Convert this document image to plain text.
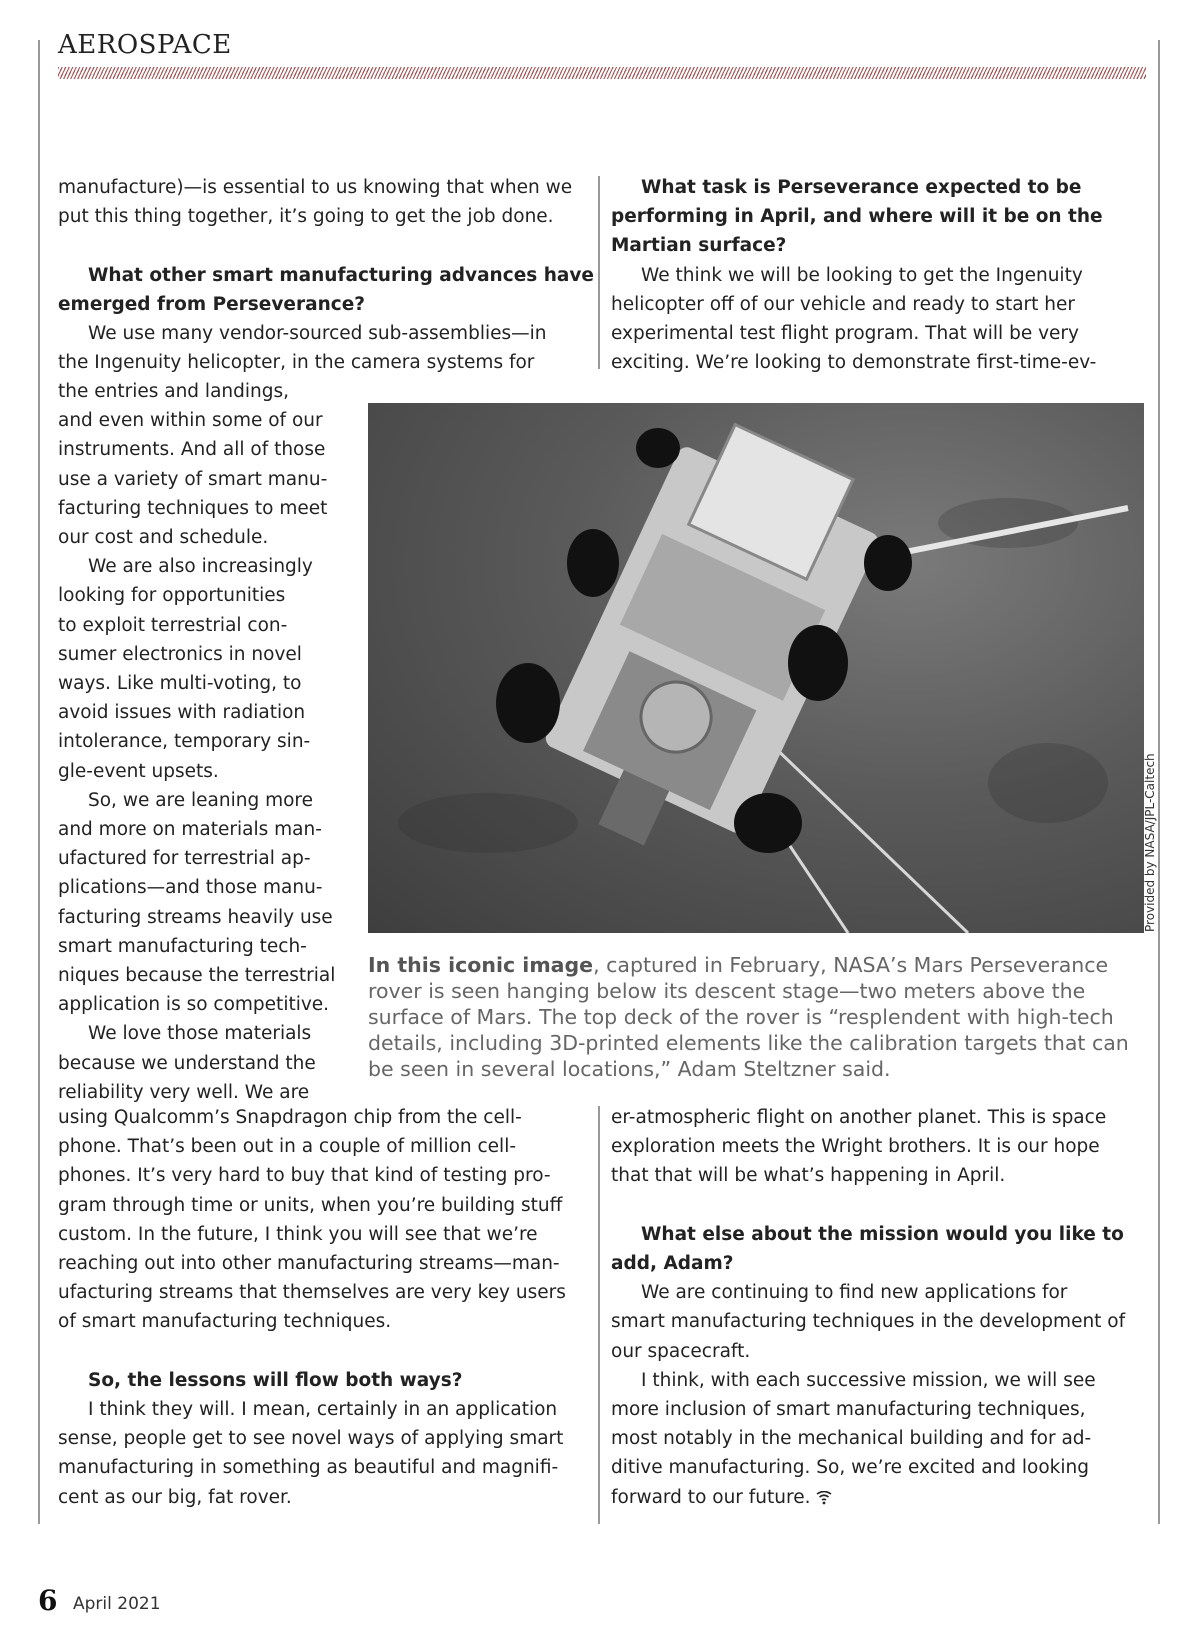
AEROSPACE

manufacture)—is essential to us knowing that when we
put this thing together, it’s going to get the job done.

What other smart manufacturing advances have
emerged from Perseverance?

We use many vendor-sourced sub-assemblies—in
the Ingenuity helicopter, in the camera systems for

the entries and landings,
and even within some of our
instruments. And all of those
use a variety of smart manu-
facturing techniques to meet
our cost and schedule.

We are also increasingly
looking for opportunities
to exploit terrestrial con-
sumer electronics in novel
ways. Like multi-voting, to
avoid issues with radiation
intolerance, temporary sin-
gle-event upsets.

So, we are leaning more
and more on materials man-
ufactured for terrestrial ap-
plications—and those manu-
facturing streams heavily use
smart manufacturing tech-
niques because the terrestrial
application is so competitive.

We love those materials
because we understand the
reliability very well. We are

using Qualcomm’s Snapdragon chip from the cell-
phone. That’s been out in a couple of million cell-
phones. It’s very hard to buy that kind of testing pro-
gram through time or units, when you’re building stuff
custom. In the future, I think you will see that we’re
reaching out into other manufacturing streams—man-
ufacturing streams that themselves are very key users
of smart manufacturing techniques.

So, the lessons will flow both ways?

I think they will. I mean, certainly in an application
sense, people get to see novel ways of applying smart
manufacturing in something as beautiful and magnifi-
cent as our big, fat rover.

What task is Perseverance expected to be
performing in April, and where will it be on the
Martian surface?

We think we will be looking to get the Ingenuity
helicopter off of our vehicle and ready to start her
experimental test flight program. That will be very
exciting. We’re looking to demonstrate first-time-ev-

Provided by NASA/JPL-Caltech

In this iconic image, captured in February, NASA’s Mars Perseverance rover is seen hanging below its descent stage—two meters above the surface of Mars. The top deck of the rover is “resplendent with high-tech details, including 3D-printed elements like the calibration targets that can be seen in several locations,” Adam Steltzner said.

er-atmospheric flight on another planet. This is space
exploration meets the Wright brothers. It is our hope
that that will be what’s happening in April.

What else about the mission would you like to
add, Adam?

We are continuing to find new applications for
smart manufacturing techniques in the development of
our spacecraft.

I think, with each successive mission, we will see
more inclusion of smart manufacturing techniques,
most notably in the mechanical building and for ad-
ditive manufacturing. So, we’re excited and looking
forward to our future.

6 April 2021
